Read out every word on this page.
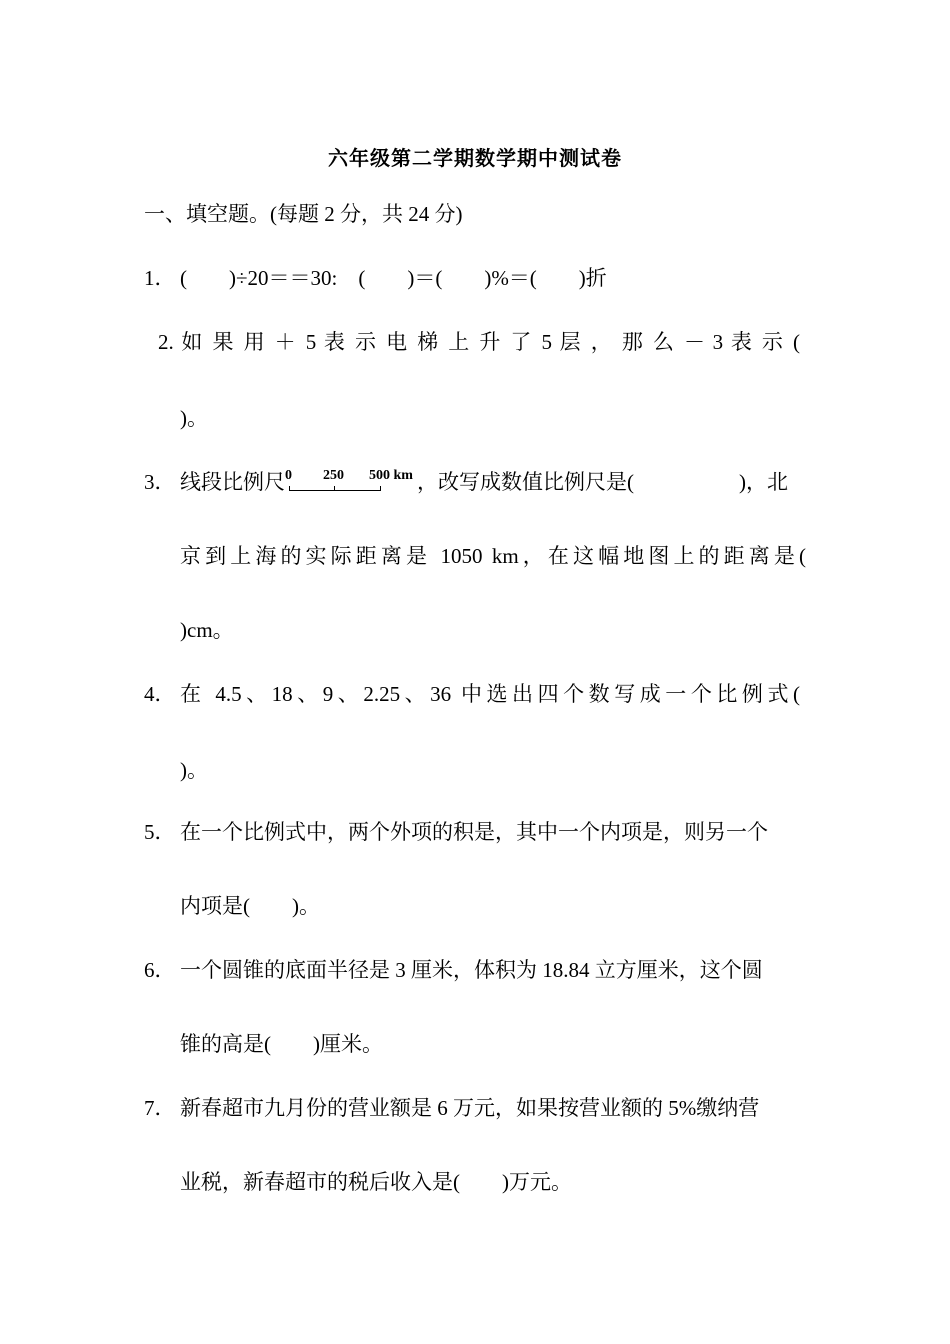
六年级第二学期数学期中测试卷
一、填空题。(每题 2 分，共 24 分)
1． (　　)÷20＝＝30:　(　　)＝(　　)%＝(　　)折
2. 如 果 用 ＋ 5 表 示 电 梯 上 升 了 5 层 ， 那 么 － 3 表 示 (
)。
3． 线段比例尺 0 250 500 km ，改写成数值比例尺是(　　　　　)，北
京到上海的实际距离是 1050 km，在这幅地图上的距离是(
)cm。
4． 在 4.5、18、9、2.25、36 中选出四个数写成一个比例式(
)。
5． 在一个比例式中，两个外项的积是，其中一个内项是，则另一个
内项是(　　)。
6． 一个圆锥的底面半径是 3 厘米，体积为 18.84 立方厘米，这个圆
锥的高是(　　)厘米。
7． 新春超市九月份的营业额是 6 万元，如果按营业额的 5%缴纳营
业税，新春超市的税后收入是(　　)万元。
